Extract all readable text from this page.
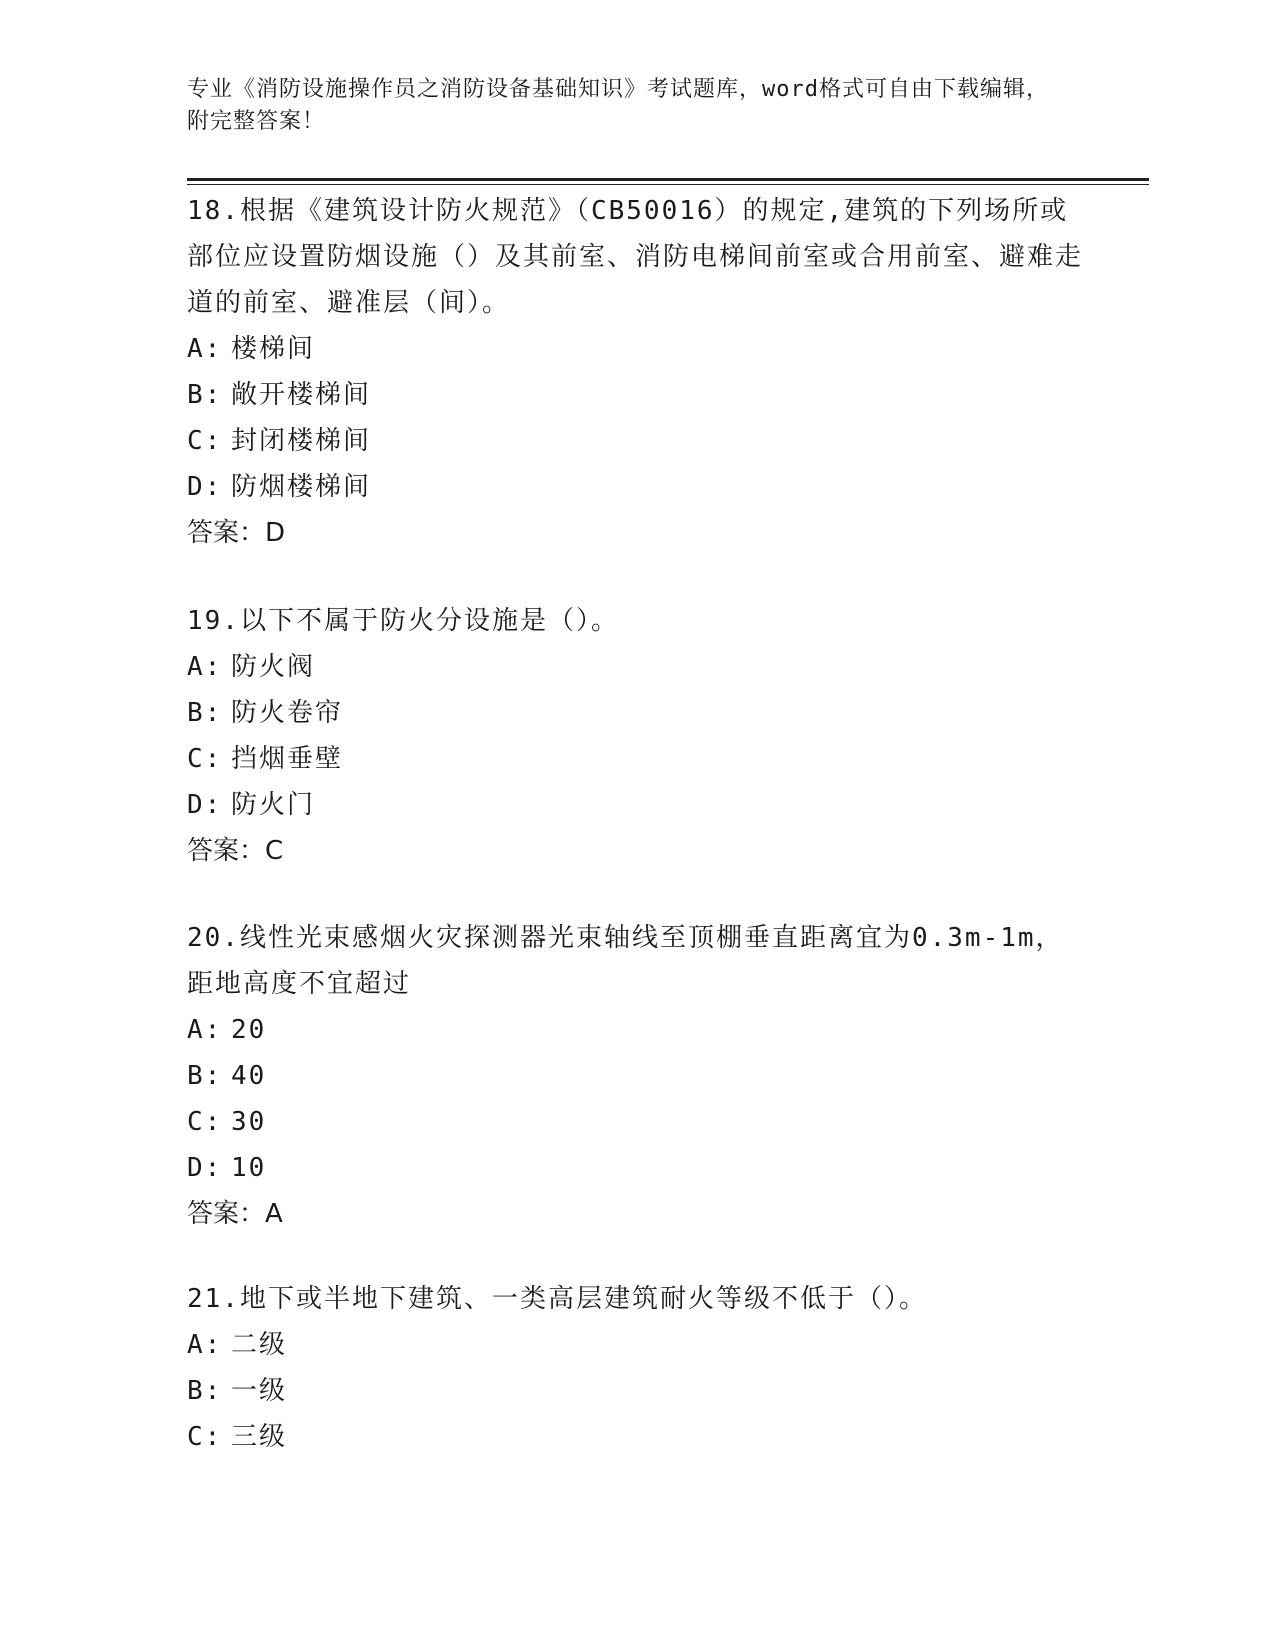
专业《消防设施操作员之消防设备基础知识》考试题库，word格式可自由下载编辑，附完整答案！

18.根据《建筑设计防火规范》（CB50016）的规定,建筑的下列场所或部位应设置防烟设施（）及其前室、消防电梯间前室或合用前室、避难走道的前室、避准层（间）。

A: 楼梯间

B: 敞开楼梯间

C: 封闭楼梯间

D: 防烟楼梯间

答案：D

19.以下不属于防火分设施是（）。

A: 防火阀

B: 防火卷帘

C: 挡烟垂壁

D: 防火门

答案：C

20.线性光束感烟火灾探测器光束轴线至顶棚垂直距离宜为0.3m-1m，距地高度不宜超过

A: 20

B: 40

C: 30

D: 10

答案：A

21.地下或半地下建筑、一类高层建筑耐火等级不低于（）。

A: 二级

B: 一级

C: 三级
